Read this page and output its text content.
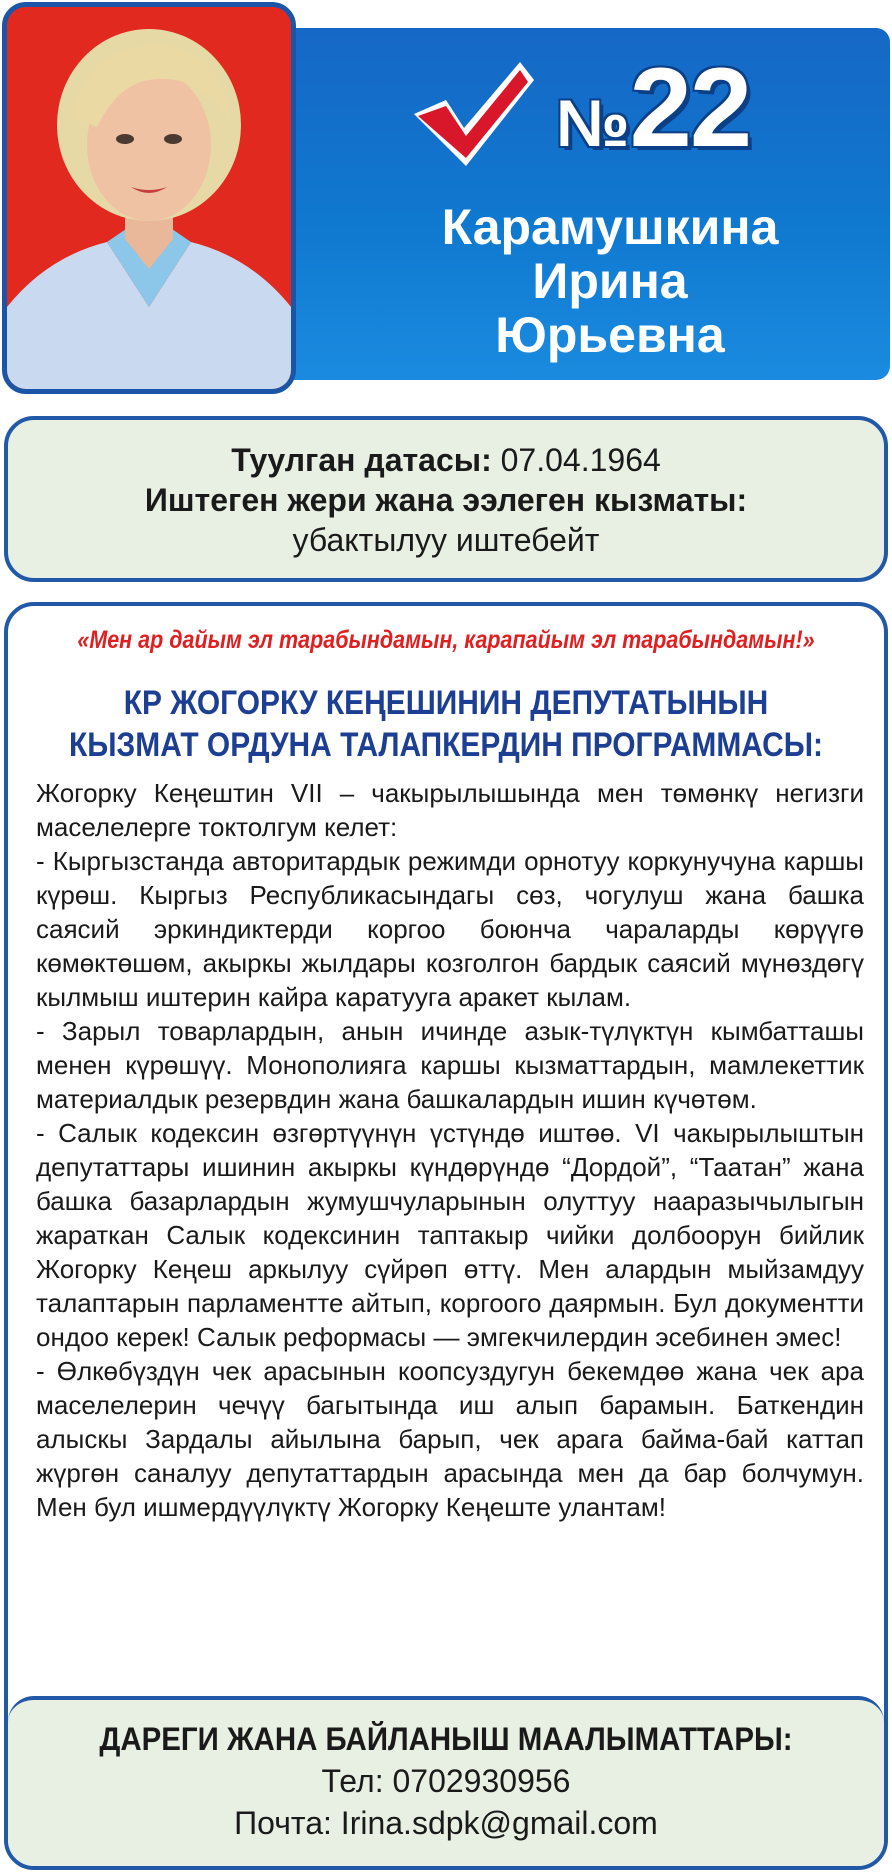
№22
Карамушкина
Ирина
Юрьевна
Туулган датасы: 07.04.1964
Иштеген жери жана ээлеген кызматы:
убактылуу иштебейт
«Мен ар дайым эл тарабындамын, карапайым эл тарабындамын!»
КР ЖОГОРКУ КЕҢЕШИНИН ДЕПУТАТЫНЫН
КЫЗМАТ ОРДУНА ТАЛАПКЕРДИН ПРОГРАММАСЫ:

Жогорку Кеңештин VII – чакырылышында мен төмөнкү негизги маселелерге токтолгум келет:

- Кыргызстанда авторитардык режимди орнотуу коркунучуна каршы күрөш. Кыргыз Республикасындагы сөз, чогулуш жана башка саясий эркиндиктерди коргоо боюнча чараларды көрүүгө көмөктөшөм, акыркы жылдары козголгон бардык саясий мүнөздөгү кылмыш иштерин кайра каратууга аракет кылам.

- Зарыл товарлардын, анын ичинде азык-түлүктүн кымбатташы менен күрөшүү. Монополияга каршы кызматтардын, мамлекеттик материалдык резервдин жана башкалардын ишин күчөтөм.

- Салык кодексин өзгөртүүнүн үстүндө иштөө. VI чакырылыштын депутаттары ишинин акыркы күндөрүндө “Дордой”, “Таатан” жана башка базарлардын жумушчуларынын олуттуу нааразычылыгын жараткан Салык кодексинин таптакыр чийки долбоорун бийлик Жогорку Кеңеш аркылуу сүйрөп өттү. Мен алардын мыйзамдуу талаптарын парламентте айтып, коргоого даярмын. Бул документти ондоо керек! Салык реформасы — эмгекчилердин эсебинен эмес!

- Өлкөбүздүн чек арасынын коопсуздугун бекемдөө жана чек ара маселелерин чечүү багытында иш алып барамын. Баткендин алыскы Зардалы айылына барып, чек арага байма-бай каттап жүргөн саналуу депутаттардын арасында мен да бар болчумун. Мен бул ишмердүүлүктү Жогорку Кеңеште улантам!

ДАРЕГИ ЖАНА БАЙЛАНЫШ МААЛЫМАТТАРЫ:
Тел: 0702930956
Почта: Irina.sdpk@gmail.com
